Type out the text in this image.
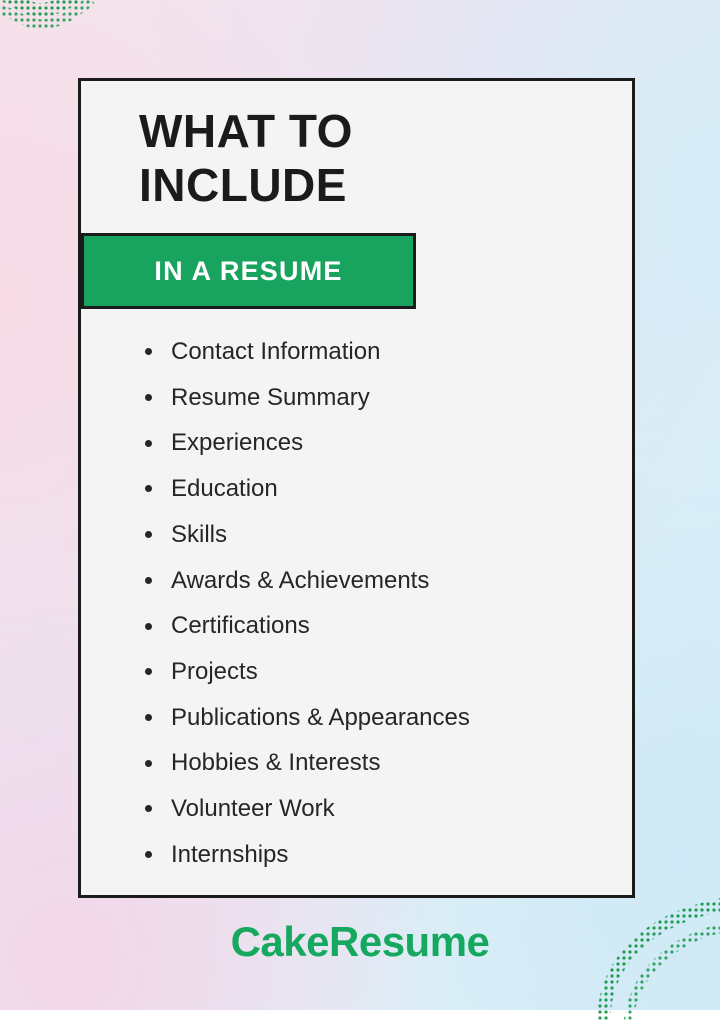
WHAT TO
INCLUDE
IN A RESUME
Contact Information
Resume Summary
Experiences
Education
Skills
Awards & Achievements
Certifications
Projects
Publications & Appearances
Hobbies & Interests
Volunteer Work
Internships
CakeResume
